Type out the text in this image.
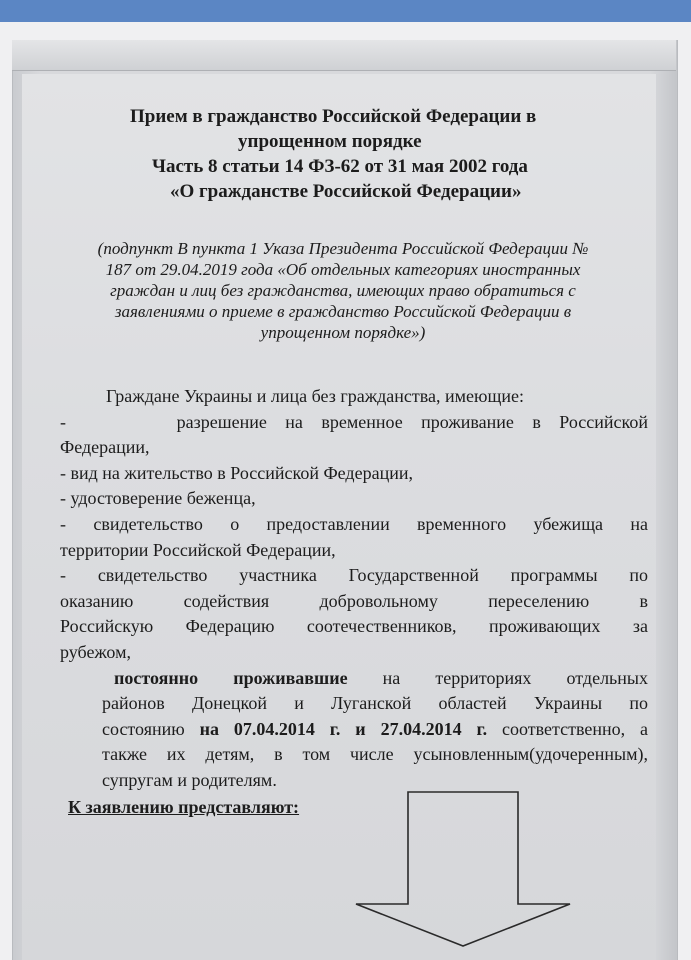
Прием в гражданство Российской Федерации в
упрощенном порядке
Часть 8 статьи 14 ФЗ-62 от 31 мая 2002 года
«О гражданстве Российской Федерации»
(подпункт В пункта 1 Указа Президента Российской Федерации №
187 от 29.04.2019 года «Об отдельных категориях иностранных
граждан и лиц без гражданства, имеющих право обратиться с
заявлениями о приеме в гражданство Российской Федерации в
упрощенном порядке»)
Граждане Украины и лица без гражданства, имеющие:
-      разрешение на временное проживание в Российской
Федерации,
- вид на жительство в Российской Федерации,
- удостоверение беженца,
- свидетельство о предоставлении временного убежища на
территории Российской Федерации,
- свидетельство участника Государственной программы по
оказанию содействия добровольному переселению в
Российскую Федерацию соотечественников, проживающих за
рубежом,
постоянно проживавшие на территориях отдельных
районов Донецкой и Луганской областей Украины по
состоянию на 07.04.2014 г. и 27.04.2014 г. соответственно, а
также их детям, в том числе усыновленным(удочеренным),
супругам и родителям.
К заявлению представляют:
